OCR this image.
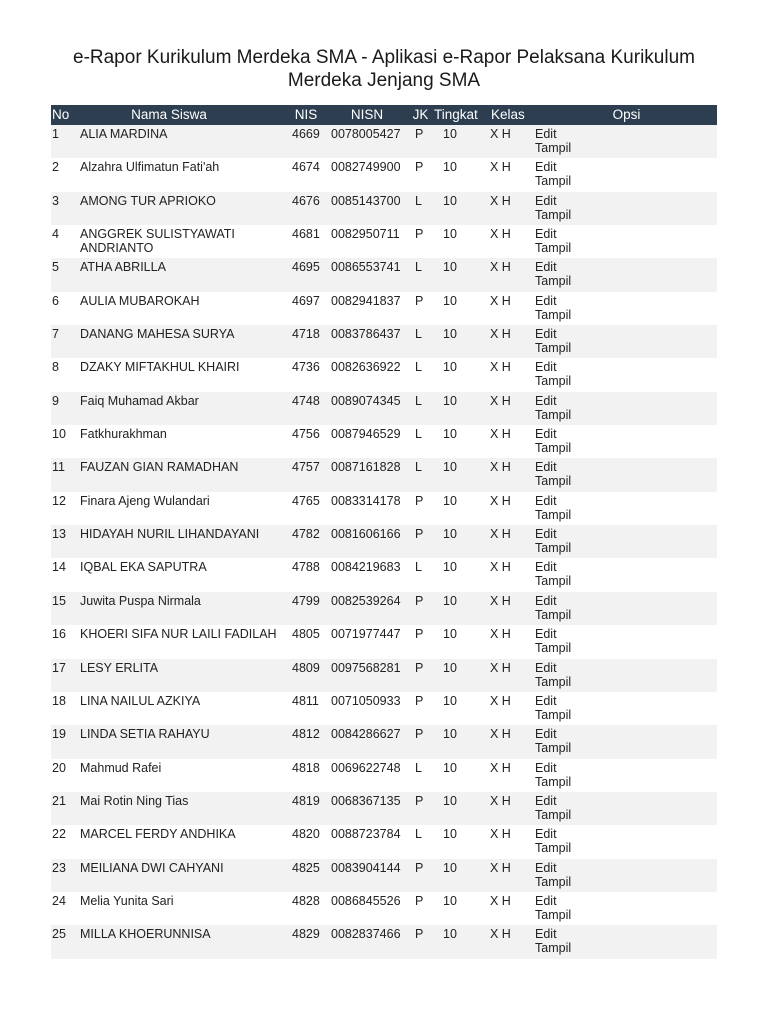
e-Rapor Kurikulum Merdeka SMA - Aplikasi e-Rapor Pelaksana Kurikulum Merdeka Jenjang SMA
No	Nama Siswa	NIS	NISN	JK	Tingkat	Kelas	Opsi
1	ALIA MARDINA	4669	0078005427	P	10	X H	Edit
Tampil

2	Alzahra Ulfimatun Fati'ah	4674	0082749900	P	10	X H	Edit
Tampil

3	AMONG TUR APRIOKO	4676	0085143700	L	10	X H	Edit
Tampil

4	ANGGREK SULISTYAWATI ANDRIANTO	4681	0082950711	P	10	X H	Edit
Tampil

5	ATHA ABRILLA	4695	0086553741	L	10	X H	Edit
Tampil

6	AULIA MUBAROKAH	4697	0082941837	P	10	X H	Edit
Tampil

7	DANANG MAHESA SURYA	4718	0083786437	L	10	X H	Edit
Tampil

8	DZAKY MIFTAKHUL KHAIRI	4736	0082636922	L	10	X H	Edit
Tampil

9	Faiq Muhamad Akbar	4748	0089074345	L	10	X H	Edit
Tampil

10	Fatkhurakhman	4756	0087946529	L	10	X H	Edit
Tampil

11	FAUZAN GIAN RAMADHAN	4757	0087161828	L	10	X H	Edit
Tampil

12	Finara Ajeng Wulandari	4765	0083314178	P	10	X H	Edit
Tampil

13	HIDAYAH NURIL LIHANDAYANI	4782	0081606166	P	10	X H	Edit
Tampil

14	IQBAL EKA SAPUTRA	4788	0084219683	L	10	X H	Edit
Tampil

15	Juwita Puspa Nirmala	4799	0082539264	P	10	X H	Edit
Tampil

16	KHOERI SIFA NUR LAILI FADILAH	4805	0071977447	P	10	X H	Edit
Tampil

17	LESY ERLITA	4809	0097568281	P	10	X H	Edit
Tampil

18	LINA NAILUL AZKIYA	4811	0071050933	P	10	X H	Edit
Tampil

19	LINDA SETIA RAHAYU	4812	0084286627	P	10	X H	Edit
Tampil

20	Mahmud Rafei	4818	0069622748	L	10	X H	Edit
Tampil

21	Mai Rotin Ning Tias	4819	0068367135	P	10	X H	Edit
Tampil

22	MARCEL FERDY ANDHIKA	4820	0088723784	L	10	X H	Edit
Tampil

23	MEILIANA DWI CAHYANI	4825	0083904144	P	10	X H	Edit
Tampil

24	Melia Yunita Sari	4828	0086845526	P	10	X H	Edit
Tampil

25	MILLA KHOERUNNISA	4829	0082837466	P	10	X H	Edit
Tampil
